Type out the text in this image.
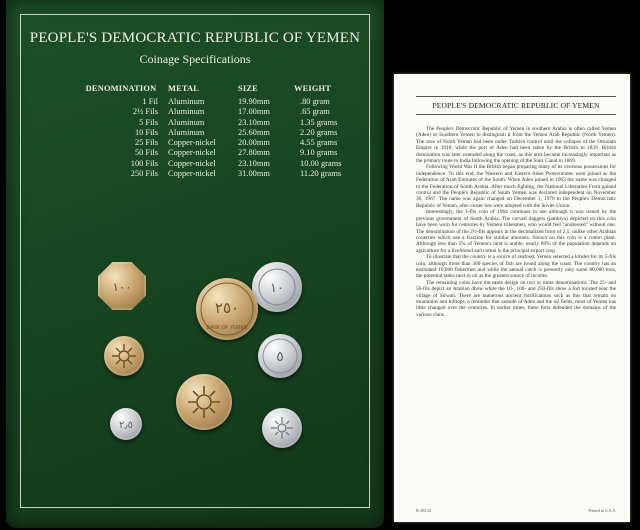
PEOPLE'S DEMOCRATIC REPUBLIC OF YEMEN
Coinage Specifications
DENOMINATION	METAL	SIZE	WEIGHT
1 Fil	Aluminum	19.90mm	.80 gram
2½ Fils	Aluminum	17.00mm	.65 gram
5 Fils	Aluminum	23.10mm	1.35 grams
10 Fils	Aluminum	25.60mm	2.20 grams
25 Fils	Copper-nickel	20.00mm	4.55 grams
50 Fils	Copper-nickel	27.80mm	9.10 grams
100 Fils	Copper-nickel	23.10mm	10.00 grams
250 Fils	Copper-nickel	31.00mm	11.20 grams
١٠٠	١٠
٢٥٠
BANK OF YEMEN
٥
٢٫٥
PEOPLE'S DEMOCRATIC REPUBLIC OF YEMEN

The People's Democratic Republic of Yemen in southern Arabia is often called Yemen (Aden) or Southern Yemen to distinguish it from the Yemen Arab Republic (North Yemen). The area of North Yemen had been under Turkish control until the collapse of the Ottoman Empire in 1918, while the port of Aden had been taken by the British in 1839. British domination was later extended along the coast, as this area became increasingly important as the primary route to India following the opening of the Suez Canal in 1869.

Following World War II the British began preparing many of its overseas possessions for independence. To this end, the Western and Eastern Aden Protectorates were joined as the Federation of Arab Emirates of the South. When Aden joined in 1963 the name was changed to the Federation of South Arabia. After much fighting, the National Liberation Front gained control and the People's Republic of South Yemen was declared independent on November 30, 1967. The name was again changed on December 1, 1970 to the People's Democratic Republic of Yemen, after closer ties were adopted with the Soviet Union.

Interestingly, the 1-fils coin of 1964 continues in use although it was issued by the previous government of South Arabia. The curved daggers (jambiya) depicted on this coin have been worn for centuries by Yemeni tribesmen, who would feel "undressed" without one. The denomination of the 2½-fils appears in the decimalized form of 2.5, unlike other Arabian countries which use a fraction for similar amounts. Shown on this coin is a cotton plant. Although less than 5% of Yemen's land is arable, nearly 80% of the population depends on agriculture for a livelihood and cotton is the principal export crop.

To illustrate that the country is a source of seafood, Yemen selected a lobster for its 5-fils coin, although more than 300 species of fish are found along the coast. The country has an estimated 10,000 fishermen and while the annual catch is presently only some 80,000 tons, the potential tanks next to oil as the greatest source of income.

The remaining coins have the same design on two or more denominations. The 25- and 50-fils depict an Arabian dhow while the 10-, 100- and 250-fils show a fort located near the village of Sirwah. There are numerous ancient fortifications such as this that remain on mountains and hilltops, a reminder that outside of Aden and the oil fields, most of Yemen has little changed over the centuries. In earlier times, these forts defended the domains of the various clans.

B-382/32	Printed in U.S.A.
